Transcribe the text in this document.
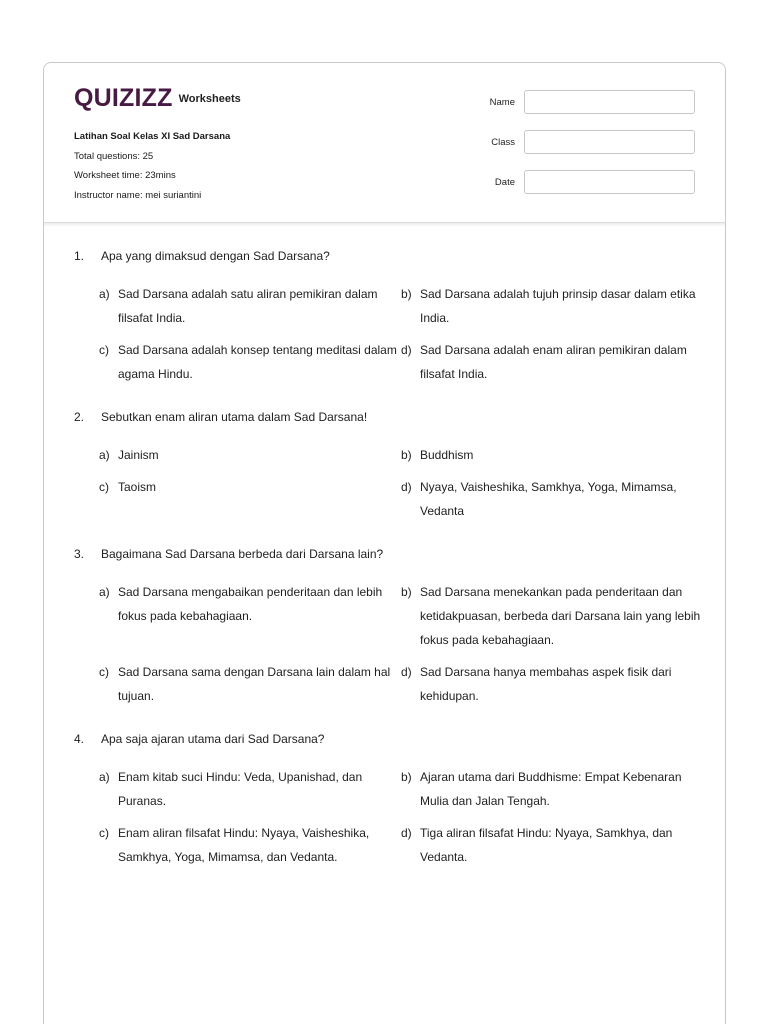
QUIZIZZ Worksheets
Latihan Soal Kelas XI Sad Darsana
Total questions: 25
Worksheet time: 23mins
Instructor name: mei suriantini
Name
Class
Date
1.	Apa yang dimaksud dengan Sad Darsana?
a) Sad Darsana adalah satu aliran pemikiran dalam filsafat India.
b) Sad Darsana adalah tujuh prinsip dasar dalam etika India.
c) Sad Darsana adalah konsep tentang meditasi dalam agama Hindu.
d) Sad Darsana adalah enam aliran pemikiran dalam filsafat India.
2.	Sebutkan enam aliran utama dalam Sad Darsana!
a) Jainism	b) Buddhism
c) Taoism	d) Nyaya, Vaisheshika, Samkhya, Yoga, Mimamsa, Vedanta
3.	Bagaimana Sad Darsana berbeda dari Darsana lain?
a) Sad Darsana mengabaikan penderitaan dan lebih fokus pada kebahagiaan.
b) Sad Darsana menekankan pada penderitaan dan ketidakpuasan, berbeda dari Darsana lain yang lebih fokus pada kebahagiaan.
c) Sad Darsana sama dengan Darsana lain dalam hal tujuan.
d) Sad Darsana hanya membahas aspek fisik dari kehidupan.
4.	Apa saja ajaran utama dari Sad Darsana?
a) Enam kitab suci Hindu: Veda, Upanishad, dan Puranas.
b) Ajaran utama dari Buddhisme: Empat Kebenaran Mulia dan Jalan Tengah.
c) Enam aliran filsafat Hindu: Nyaya, Vaisheshika, Samkhya, Yoga, Mimamsa, dan Vedanta.
d) Tiga aliran filsafat Hindu: Nyaya, Samkhya, dan Vedanta.
